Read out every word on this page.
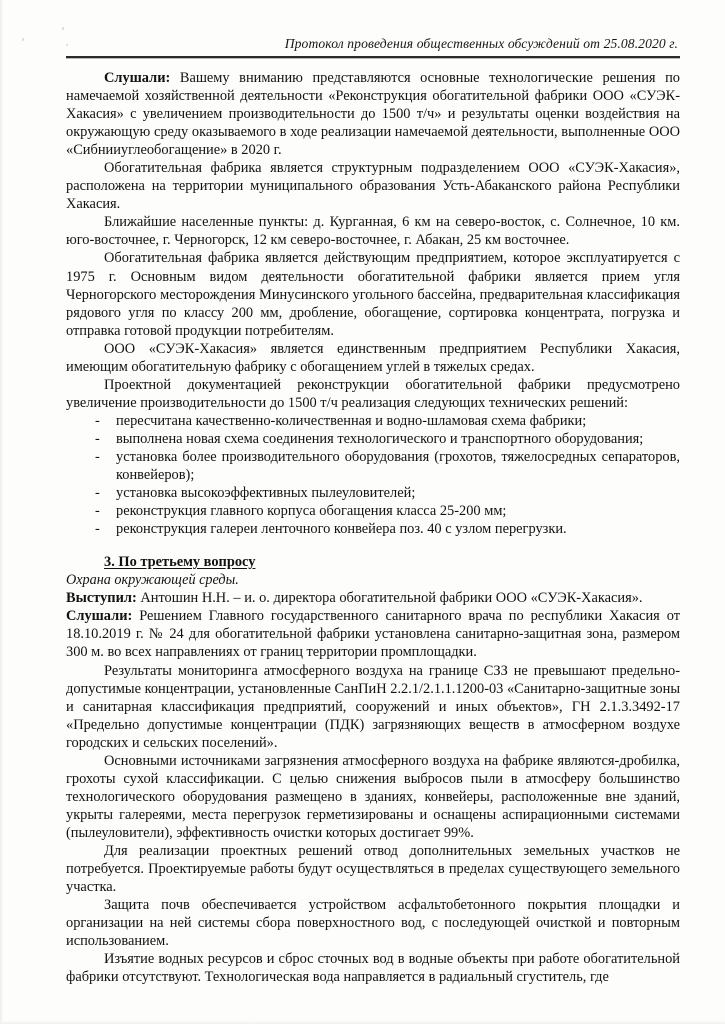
Протокол проведения общественных обсуждений от 25.08.2020 г.

Слушали: Вашему вниманию представляются основные технологические решения по намечаемой хозяйственной деятельности «Реконструкция обогатительной фабрики ООО «СУЭК-Хакасия» с увеличением производительности до 1500 т/ч» и результаты оценки воздействия на окружающую среду оказываемого в ходе реализации намечаемой деятельности, выполненные ООО «Сибнииуглеобогащение» в 2020 г.

Обогатительная фабрика является структурным подразделением ООО «СУЭК-Хакасия», расположена на территории муниципального образования Усть-Абаканского района Республики Хакасия.

Ближайшие населенные пункты: д. Курганная, 6 км на северо-восток, с. Солнечное, 10 км. юго-восточнее, г. Черногорск, 12 км северо-восточнее, г. Абакан, 25 км восточнее.

Обогатительная фабрика является действующим предприятием, которое эксплуатируется с 1975 г. Основным видом деятельности обогатительной фабрики является прием угля Черногорского месторождения Минусинского угольного бассейна, предварительная классификация рядового угля по классу 200 мм, дробление, обогащение, сортировка концентрата, погрузка и отправка готовой продукции потребителям.

ООО «СУЭК-Хакасия» является единственным предприятием Республики Хакасия, имеющим обогатительную фабрику с обогащением углей в тяжелых средах.

Проектной документацией реконструкции обогатительной фабрики предусмотрено увеличение производительности до 1500 т/ч реализация следующих технических решений:

- пересчитана качественно-количественная и водно-шламовая схема фабрики;
- выполнена новая схема соединения технологического и транспортного оборудования;
- установка более производительного оборудования (грохотов, тяжелосредных сепараторов, конвейеров);
- установка высокоэффективных пылеуловителей;
- реконструкция главного корпуса обогащения класса 25-200 мм;
- реконструкция галереи ленточного конвейера поз. 40 с узлом перегрузки.
3. По третьему вопросу

Охрана окружающей среды.

Выступил: Антошин Н.Н. – и. о. директора обогатительной фабрики ООО «СУЭК-Хакасия».

Слушали: Решением Главного государственного санитарного врача по республики Хакасия от 18.10.2019 г. № 24 для обогатительной фабрики установлена санитарно-защитная зона, размером 300 м. во всех направлениях от границ территории промплощадки.

Результаты мониторинга атмосферного воздуха на границе СЗЗ не превышают предельно-допустимые концентрации, установленные СанПиН 2.2.1/2.1.1.1200-03 «Санитарно-защитные зоны и санитарная классификация предприятий, сооружений и иных объектов», ГН 2.1.3.3492-17 «Предельно допустимые концентрации (ПДК) загрязняющих веществ в атмосферном воздухе городских и сельских поселений».

Основными источниками загрязнения атмосферного воздуха на фабрике являются-дробилка, грохоты сухой классификации. С целью снижения выбросов пыли в атмосферу большинство технологического оборудования размещено в зданиях, конвейеры, расположенные вне зданий, укрыты галереями, места перегрузок герметизированы и оснащены аспирационными системами (пылеуловители), эффективность очистки которых достигает 99%.

Для реализации проектных решений отвод дополнительных земельных участков не потребуется. Проектируемые работы будут осуществляться в пределах существующего земельного участка.

Защита почв обеспечивается устройством асфальтобетонного покрытия площадки и организации на ней системы сбора поверхностного вод, с последующей очисткой и повторным использованием.

Изъятие водных ресурсов и сброс сточных вод в водные объекты при работе обогатительной фабрики отсутствуют. Технологическая вода направляется в радиальный сгуститель, где
